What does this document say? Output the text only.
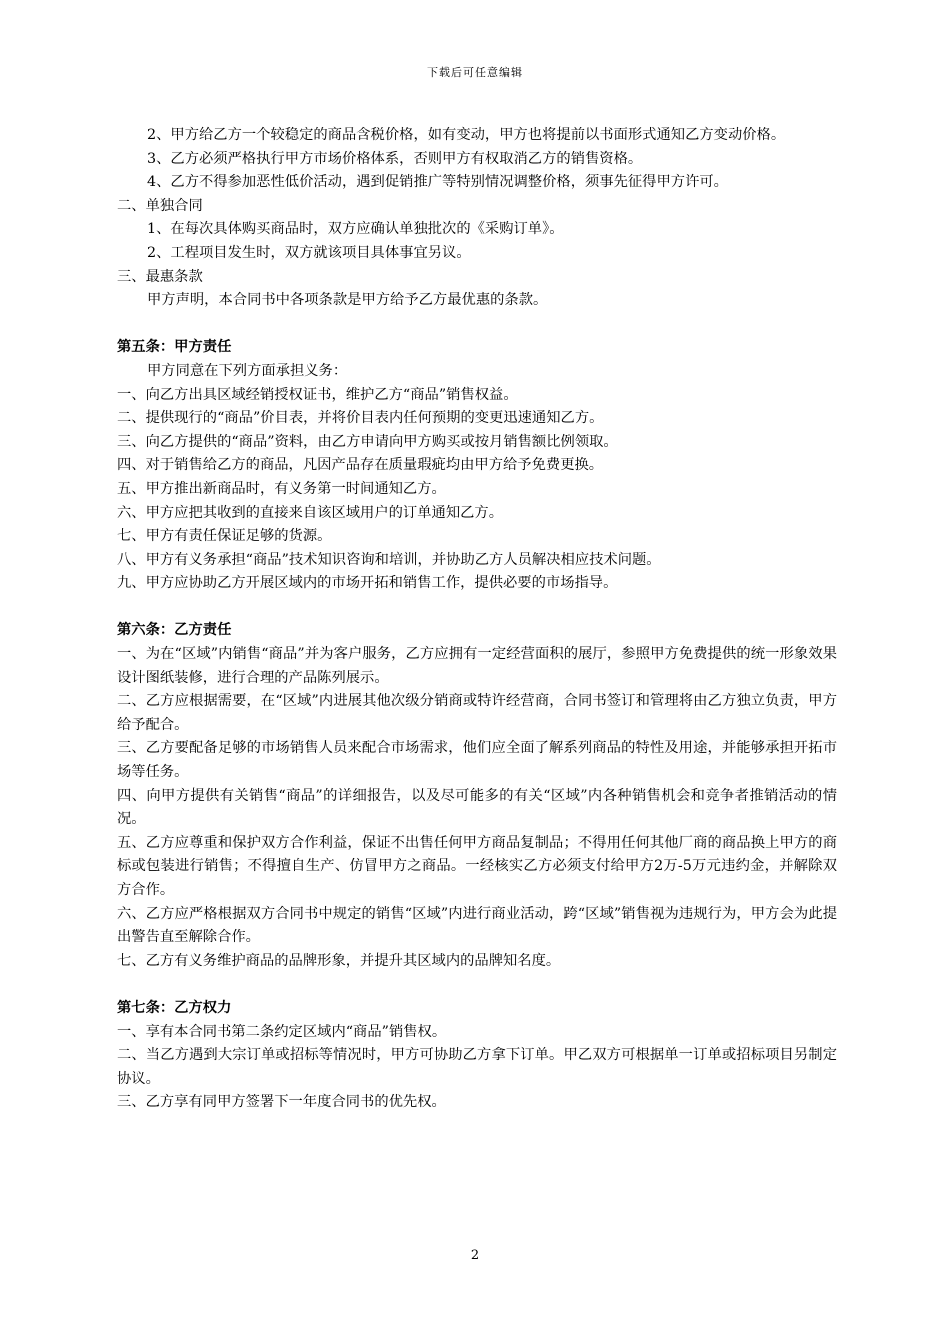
下载后可任意编辑

2、甲方给乙方一个较稳定的商品含税价格，如有变动，甲方也将提前以书面形式通知乙方变动价格。

3、乙方必须严格执行甲方市场价格体系，否则甲方有权取消乙方的销售资格。

4、乙方不得参加恶性低价活动，遇到促销推广等特别情况调整价格，须事先征得甲方许可。

二、单独合同

1、在每次具体购买商品时，双方应确认单独批次的《采购订单》。

2、工程项目发生时，双方就该项目具体事宜另议。

三、最惠条款

甲方声明，本合同书中各项条款是甲方给予乙方最优惠的条款。

第五条：甲方责任

甲方同意在下列方面承担义务：

一、向乙方出具区域经销授权证书，维护乙方“商品”销售权益。

二、提供现行的“商品”价目表，并将价目表内任何预期的变更迅速通知乙方。

三、向乙方提供的“商品”资料，由乙方申请向甲方购买或按月销售额比例领取。

四、对于销售给乙方的商品，凡因产品存在质量瑕疵均由甲方给予免费更换。

五、甲方推出新商品时，有义务第一时间通知乙方。

六、甲方应把其收到的直接来自该区域用户的订单通知乙方。

七、甲方有责任保证足够的货源。

八、甲方有义务承担“商品”技术知识咨询和培训，并协助乙方人员解决相应技术问题。

九、甲方应协助乙方开展区域内的市场开拓和销售工作，提供必要的市场指导。

第六条：乙方责任

一、为在“区域”内销售“商品”并为客户服务，乙方应拥有一定经营面积的展厅，参照甲方免费提供的统一形象效果设计图纸装修，进行合理的产品陈列展示。

二、乙方应根据需要，在“区域”内进展其他次级分销商或特许经营商，合同书签订和管理将由乙方独立负责，甲方给予配合。

三、乙方要配备足够的市场销售人员来配合市场需求，他们应全面了解系列商品的特性及用途，并能够承担开拓市场等任务。

四、向甲方提供有关销售“商品”的详细报告，以及尽可能多的有关“区域”内各种销售机会和竞争者推销活动的情况。

五、乙方应尊重和保护双方合作利益，保证不出售任何甲方商品复制品；不得用任何其他厂商的商品换上甲方的商标或包装进行销售；不得擅自生产、仿冒甲方之商品。一经核实乙方必须支付给甲方2万-5万元违约金，并解除双方合作。

六、乙方应严格根据双方合同书中规定的销售“区域”内进行商业活动，跨“区域”销售视为违规行为，甲方会为此提出警告直至解除合作。

七、乙方有义务维护商品的品牌形象，并提升其区域内的品牌知名度。

第七条：乙方权力

一、享有本合同书第二条约定区域内“商品”销售权。

二、当乙方遇到大宗订单或招标等情况时，甲方可协助乙方拿下订单。甲乙双方可根据单一订单或招标项目另制定协议。

三、乙方享有同甲方签署下一年度合同书的优先权。

2
